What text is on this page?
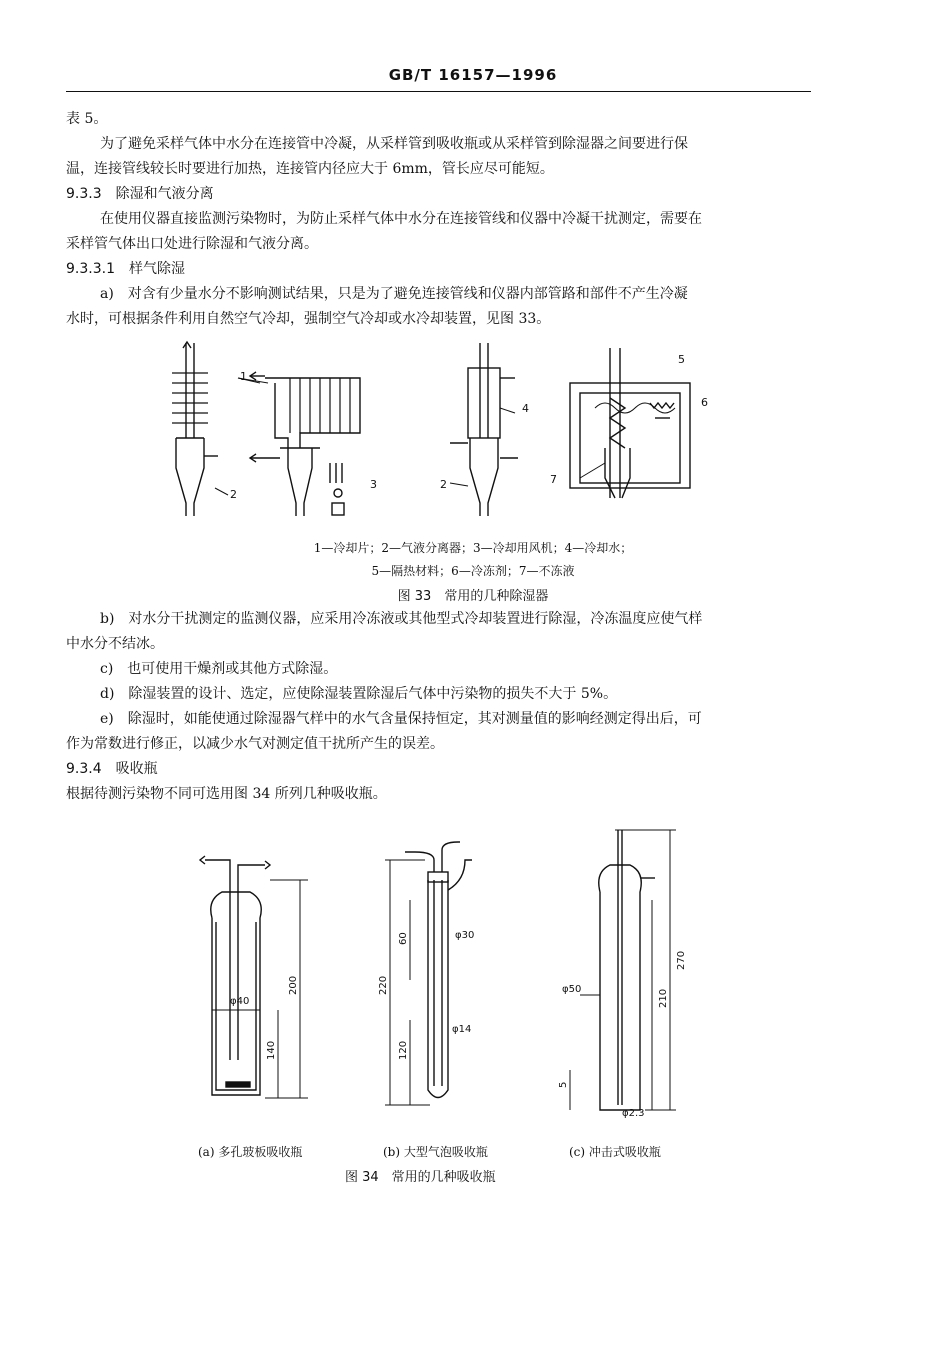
GB/T 16157—1996
表 5。
为了避免采样气体中水分在连接管中冷凝，从采样管到吸收瓶或从采样管到除湿器之间要进行保
温，连接管线较长时要进行加热，连接管内径应大于 6mm，管长应尽可能短。
9.3.3　除湿和气液分离
在使用仪器直接监测污染物时，为防止采样气体中水分在连接管线和仪器中冷凝干扰测定，需要在
采样管气体出口处进行除湿和气液分离。
9.3.3.1　样气除湿
a)　对含有少量水分不影响测试结果，只是为了避免连接管线和仪器内部管路和部件不产生冷凝
水时，可根据条件利用自然空气冷却，强制空气冷却或水冷却装置，见图 33。
1
2
3
4
2
5
6
7
1—冷却片；2—气液分离器；3—冷却用风机；4—冷却水；
5—隔热材料；6—冷冻剂；7—不冻液
图 33　常用的几种除湿器
b)　对水分干扰测定的监测仪器，应采用冷冻液或其他型式冷却装置进行除湿，冷冻温度应使气样
中水分不结冰。
c)　也可使用干燥剂或其他方式除湿。
d)　除湿装置的设计、选定，应使除湿装置除湿后气体中污染物的损失不大于 5%。
e)　除湿时，如能使通过除湿器气样中的水气含量保持恒定，其对测量值的影响经测定得出后，可
作为常数进行修正，以减少水气对测定值干扰所产生的误差。
9.3.4　吸收瓶
根据待测污染物不同可选用图 34 所列几种吸收瓶。
φ40
140
200	220
60	φ30
φ14
120
φ50	210
270
5
φ2.3
(a) 多孔玻板吸收瓶	(b) 大型气泡吸收瓶	(c) 冲击式吸收瓶
图 34　常用的几种吸收瓶
